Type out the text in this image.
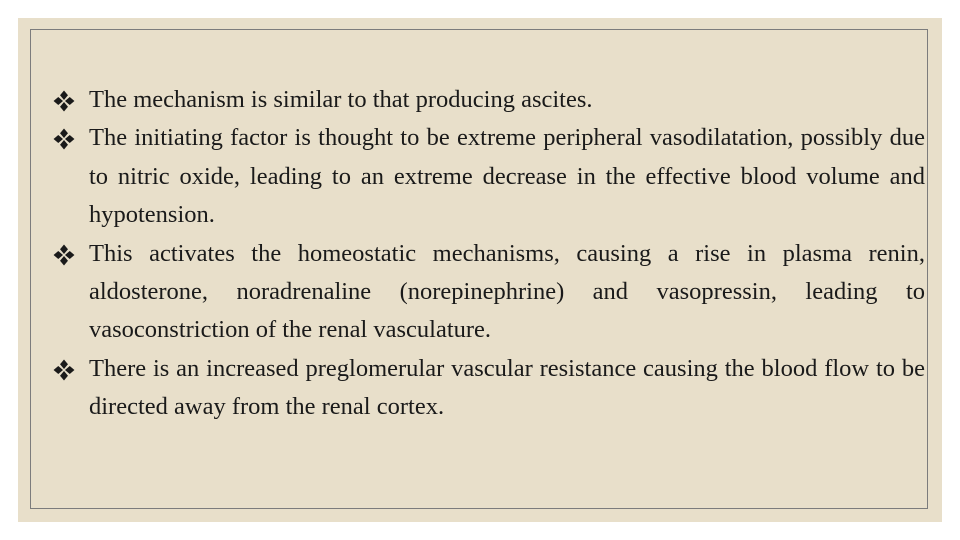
The mechanism is similar to that producing ascites.
The initiating factor is thought to be extreme peripheral vasodilatation, possibly due to nitric oxide, leading to an extreme decrease in the effective blood volume and hypotension.
This activates the homeostatic mechanisms, causing a rise in plasma renin, aldosterone, noradrenaline (norepinephrine) and vasopressin, leading to vasoconstriction of the renal vasculature.
There is an increased preglomerular vascular resistance causing the blood flow to be directed away from the renal cortex.
